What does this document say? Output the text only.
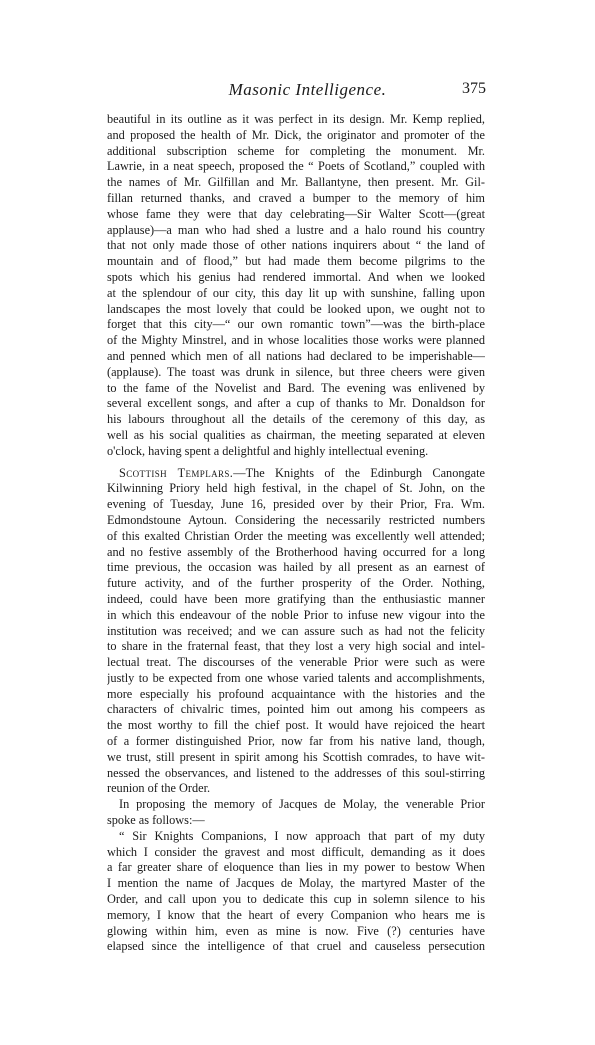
Masonic Intelligence.	375
beautiful in its outline as it was perfect in its design. Mr. Kemp replied,
and proposed the health of Mr. Dick, the originator and promoter of the
additional subscription scheme for completing the monument. Mr.
Lawrie, in a neat speech, proposed the “ Poets of Scotland,” coupled with
the names of Mr. Gilfillan and Mr. Ballantyne, then present. Mr. Gil-
fillan returned thanks, and craved a bumper to the memory of him
whose fame they were that day celebrating—Sir Walter Scott—(great
applause)—a man who had shed a lustre and a halo round his country
that not only made those of other nations inquirers about “ the land of
mountain and of flood,” but had made them become pilgrims to the
spots which his genius had rendered immortal. And when we looked
at the splendour of our city, this day lit up with sunshine, falling upon
landscapes the most lovely that could be looked upon, we ought not to
forget that this city—“ our own romantic town”—was the birth-place
of the Mighty Minstrel, and in whose localities those works were planned
and penned which men of all nations had declared to be imperishable—
(applause). The toast was drunk in silence, but three cheers were given
to the fame of the Novelist and Bard. The evening was enlivened by
several excellent songs, and after a cup of thanks to Mr. Donaldson for
his labours throughout all the details of the ceremony of this day, as
well as his social qualities as chairman, the meeting separated at eleven
o'clock, having spent a delightful and highly intellectual evening.
Scottish Templars.—The Knights of the Edinburgh Canongate
Kilwinning Priory held high festival, in the chapel of St. John, on the
evening of Tuesday, June 16, presided over by their Prior, Fra. Wm.
Edmondstoune Aytoun. Considering the necessarily restricted numbers
of this exalted Christian Order the meeting was excellently well attended;
and no festive assembly of the Brotherhood having occurred for a long
time previous, the occasion was hailed by all present as an earnest of
future activity, and of the further prosperity of the Order. Nothing,
indeed, could have been more gratifying than the enthusiastic manner
in which this endeavour of the noble Prior to infuse new vigour into the
institution was received; and we can assure such as had not the felicity
to share in the fraternal feast, that they lost a very high social and intel-
lectual treat. The discourses of the venerable Prior were such as were
justly to be expected from one whose varied talents and accomplishments,
more especially his profound acquaintance with the histories and the
characters of chivalric times, pointed him out among his compeers as
the most worthy to fill the chief post. It would have rejoiced the heart
of a former distinguished Prior, now far from his native land, though,
we trust, still present in spirit among his Scottish comrades, to have wit-
nessed the observances, and listened to the addresses of this soul-stirring
reunion of the Order.
In proposing the memory of Jacques de Molay, the venerable Prior
spoke as follows:—
“ Sir Knights Companions, I now approach that part of my duty
which I consider the gravest and most difficult, demanding as it does
a far greater share of eloquence than lies in my power to bestow When
I mention the name of Jacques de Molay, the martyred Master of the
Order, and call upon you to dedicate this cup in solemn silence to his
memory, I know that the heart of every Companion who hears me is
glowing within him, even as mine is now. Five (?) centuries have
elapsed since the intelligence of that cruel and causeless persecution
